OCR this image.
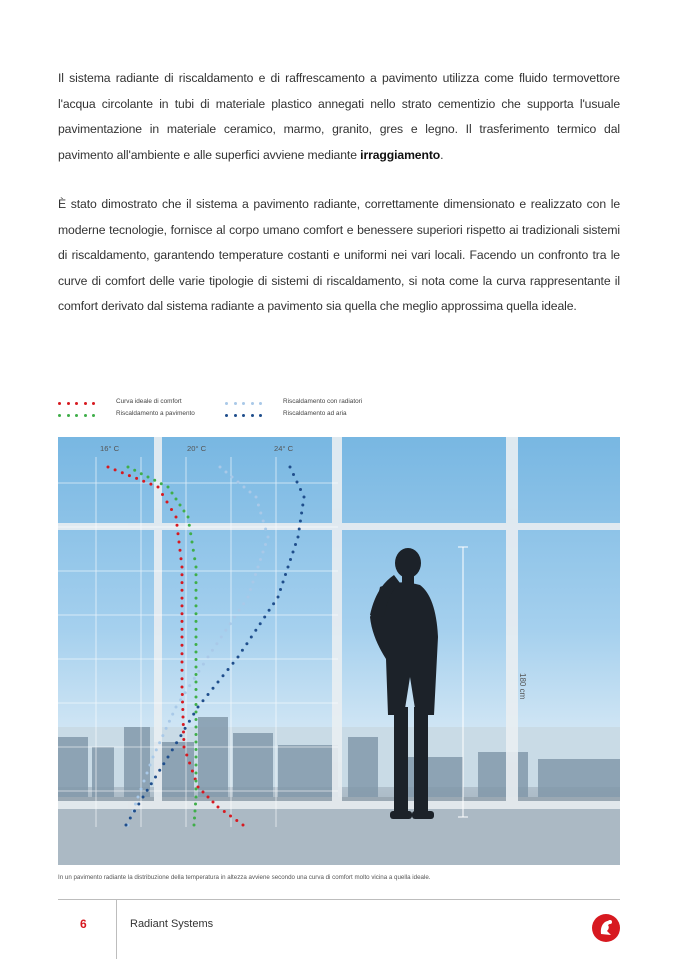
Il sistema radiante di riscaldamento e di raffrescamento a pavimento utilizza come fluido termovettore l'acqua circolante in tubi di materiale plastico annegati nello strato cementizio che supporta l'usuale pavimentazione in materiale ceramico, marmo, granito, gres e legno. Il trasferimento termico dal pavimento all'ambiente e alle superfici avviene mediante irraggiamento.

È stato dimostrato che il sistema a pavimento radiante, correttamente dimensionato e realizzato con le moderne tecnologie, fornisce al corpo umano comfort e benessere superiori rispetto ai tradizionali sistemi di riscaldamento, garantendo temperature costanti e uniformi nei vari locali. Facendo un confronto tra le curve di comfort delle varie tipologie di sistemi di riscaldamento, si nota come la curva rappresentante il comfort derivato dal sistema radiante a pavimento sia quella che meglio approssima quella ideale.

Curva ideale di comfort
Riscaldamento a pavimento
Riscaldamento con radiatori
Riscaldamento ad aria
16° C	20° C	24° C
180 cm

In un pavimento radiante la distribuzione della temperatura in altezza avviene secondo una curva di comfort molto vicina a quella ideale.

6	Radiant Systems
